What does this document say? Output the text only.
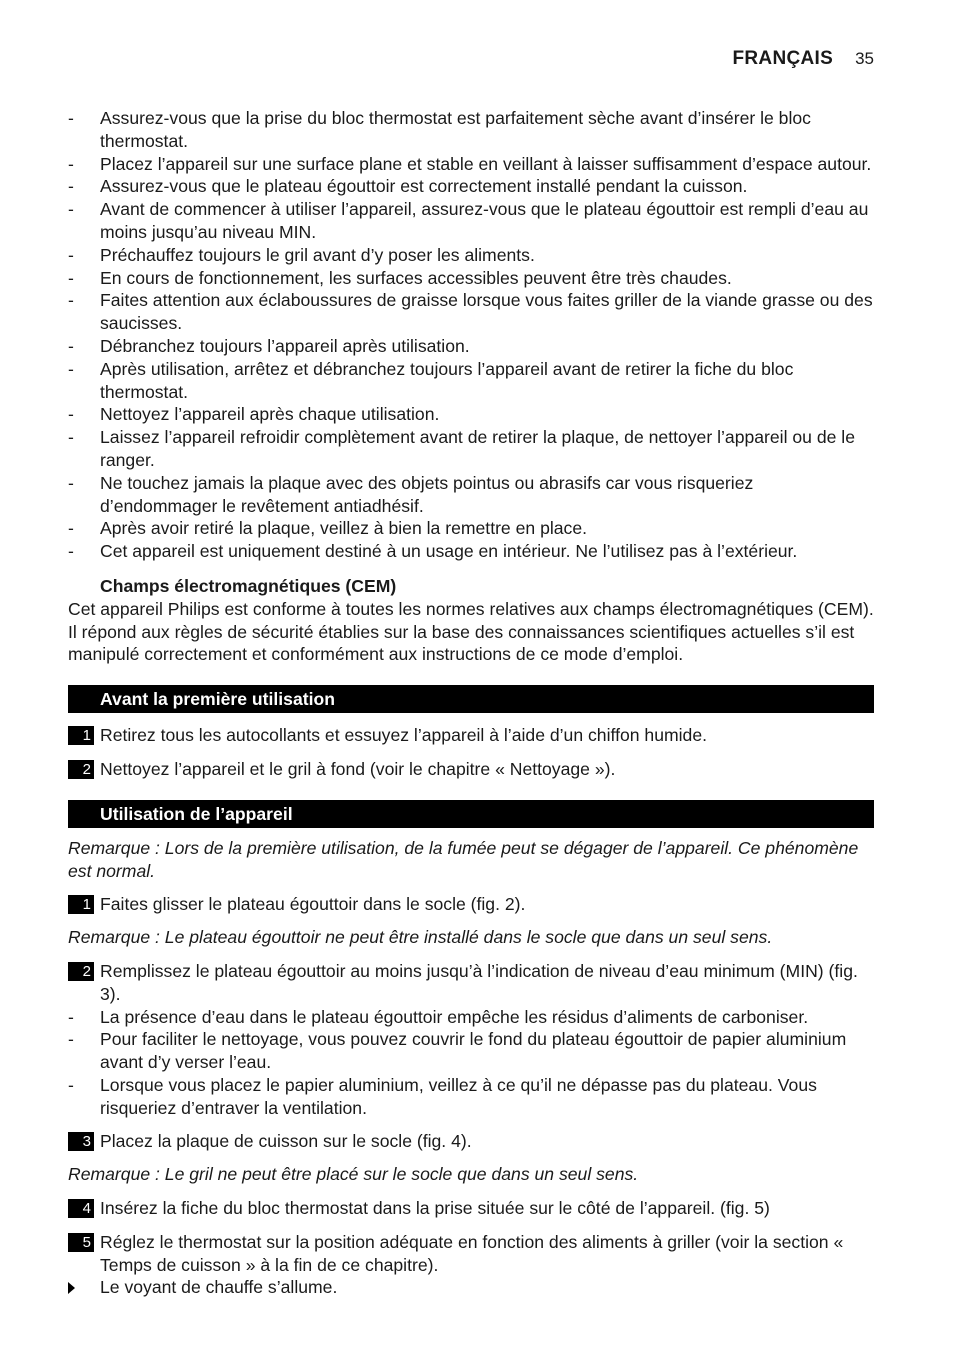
FRANÇAIS 35
- Assurez-vous que la prise du bloc thermostat est parfaitement sèche avant d’insérer le bloc thermostat.
- Placez l’appareil sur une surface plane et stable en veillant à laisser suffisamment d’espace autour.
- Assurez-vous que le plateau égouttoir est correctement installé pendant la cuisson.
- Avant de commencer à utiliser l’appareil, assurez-vous que le plateau égouttoir est rempli d’eau au moins jusqu’au niveau MIN.
- Préchauffez toujours le gril avant d’y poser les aliments.
- En cours de fonctionnement, les surfaces accessibles peuvent être très chaudes.
- Faites attention aux éclaboussures de graisse lorsque vous faites griller de la viande grasse ou des saucisses.
- Débranchez toujours l’appareil après utilisation.
- Après utilisation, arrêtez et débranchez toujours l’appareil avant de retirer la fiche du bloc thermostat.
- Nettoyez l’appareil après chaque utilisation.
- Laissez l’appareil refroidir complètement avant de retirer la plaque, de nettoyer l’appareil ou de le ranger.
- Ne touchez jamais la plaque avec des objets pointus ou abrasifs car vous risqueriez d’endommager le revêtement antiadhésif.
- Après avoir retiré la plaque, veillez à bien la remettre en place.
- Cet appareil est uniquement destiné à un usage en intérieur. Ne l’utilisez pas à l’extérieur.
Champs électromagnétiques (CEM)

Cet appareil Philips est conforme à toutes les normes relatives aux champs électromagnétiques (CEM). Il répond aux règles de sécurité établies sur la base des connaissances scientifiques actuelles s’il est manipulé correctement et conformément aux instructions de ce mode d’emploi.

Avant la première utilisation
1 Retirez tous les autocollants et essuyez l’appareil à l’aide d’un chiffon humide.
2 Nettoyez l’appareil et le gril à fond (voir le chapitre « Nettoyage »).
Utilisation de l’appareil
Remarque : Lors de la première utilisation, de la fumée peut se dégager de l’appareil. Ce phénomène est normal.
1 Faites glisser le plateau égouttoir dans le socle (fig. 2).
Remarque : Le plateau égouttoir ne peut être installé dans le socle que dans un seul sens.
2 Remplissez le plateau égouttoir au moins jusqu’à l’indication de niveau d’eau minimum (MIN) (fig. 3).
- La présence d’eau dans le plateau égouttoir empêche les résidus d’aliments de carboniser.
- Pour faciliter le nettoyage, vous pouvez couvrir le fond du plateau égouttoir de papier aluminium avant d’y verser l’eau.
- Lorsque vous placez le papier aluminium, veillez à ce qu’il ne dépasse pas du plateau. Vous risqueriez d’entraver la ventilation.
3 Placez la plaque de cuisson sur le socle (fig. 4).
Remarque : Le gril ne peut être placé sur le socle que dans un seul sens.
4 Insérez la fiche du bloc thermostat dans la prise située sur le côté de l’appareil. (fig. 5)
5 Réglez le thermostat sur la position adéquate en fonction des aliments à griller (voir la section « Temps de cuisson » à la fin de ce chapitre).
Le voyant de chauffe s’allume.
